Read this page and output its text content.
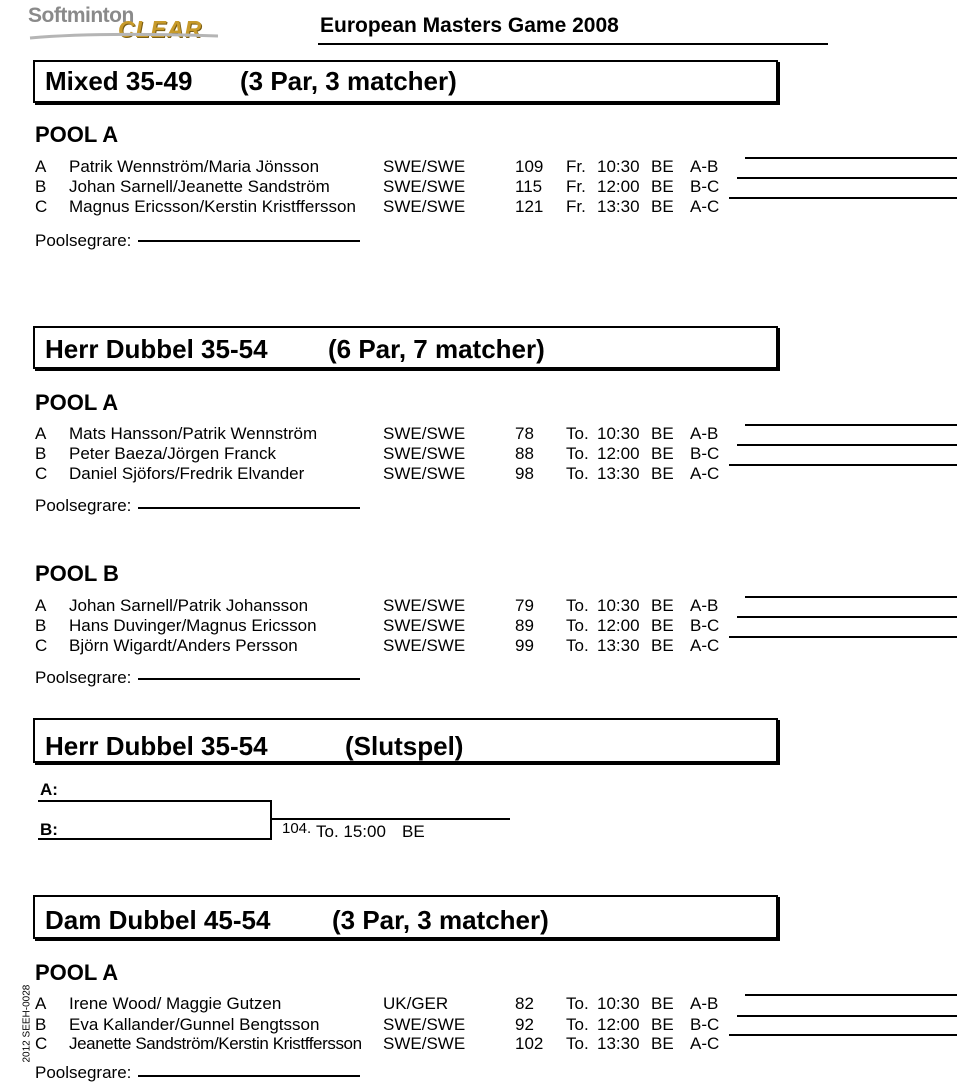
Softminton
CLEAR	European Masters Game 2008
Mixed 35-49 (3 Par, 3 matcher)
POOL A
A Patrik Wennström/Maria Jönsson	SWE/SWE	109 Fr. 10:30 BE A-B
B Johan Sarnell/Jeanette Sandström	SWE/SWE	115 Fr. 12:00 BE B-C
C Magnus Ericsson/Kerstin Kristffersson SWE/SWE	121 Fr. 13:30 BE A-C
Poolsegrare:
Herr Dubbel 35-54 (6 Par, 7 matcher)
POOL A
A Mats Hansson/Patrik Wennström	SWE/SWE	78 To. 10:30 BE A-B
B Peter Baeza/Jörgen Franck	SWE/SWE	88 To. 12:00 BE B-C
C Daniel Sjöfors/Fredrik Elvander	SWE/SWE	98 To. 13:30 BE A-C
Poolsegrare:
POOL B
A Johan Sarnell/Patrik Johansson	SWE/SWE	79 To. 10:30 BE A-B
B Hans Duvinger/Magnus Ericsson	SWE/SWE	89 To. 12:00 BE B-C
C Björn Wigardt/Anders Persson	SWE/SWE	99 To. 13:30 BE A-C
Poolsegrare:
Herr Dubbel 35-54	(Slutspel)
A:
B:	104. To. 15:00 BE
Dam Dubbel 45-54 (3 Par, 3 matcher)
POOL A
A Irene Wood/ Maggie Gutzen	UK/GER	82 To. 10:30 BE A-B
B Eva Kallander/Gunnel Bengtsson	SWE/SWE	92 To. 12:00 BE B-C
C Jeanette Sandström/Kerstin Kristffersson SWE/SWE	102 To. 13:30 BE A-C
Poolsegrare:
2012 SEEH-0028
